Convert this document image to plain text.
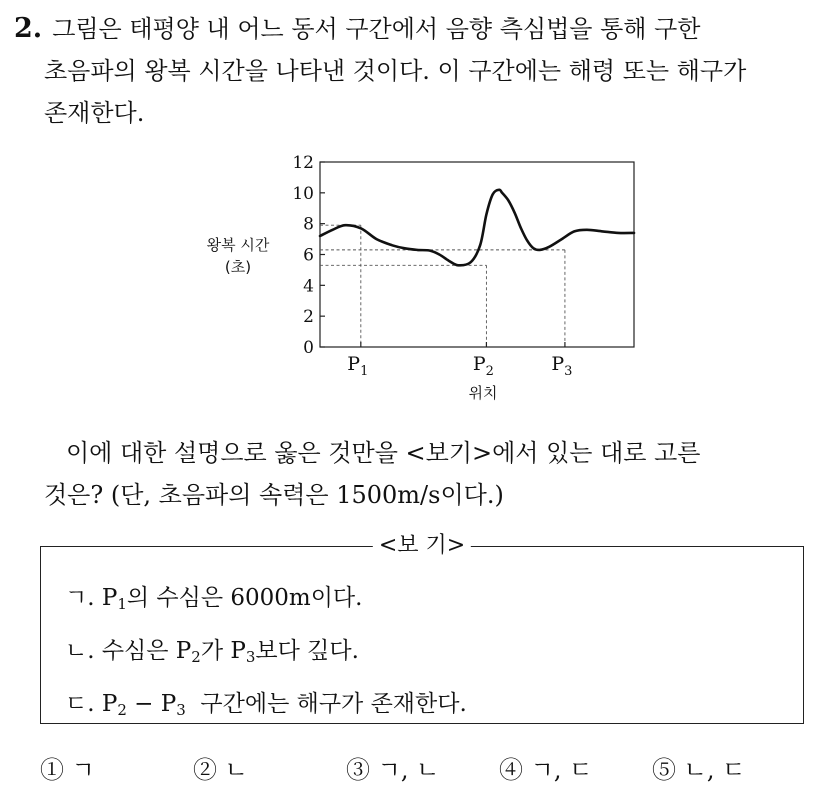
2. 그림은 태평양 내 어느 동서 구간에서 음향 측심법을 통해 구한
초음파의 왕복 시간을 나타낸 것이다. 이 구간에는 해령 또는 해구가
존재한다.
0
2
4
6
8
10
12
$P_1$	$P_2$	$P_3$
왕복 시간
(초)
위치
이에 대한 설명으로 옳은 것만을 <보기>에서 있는 대로 고른
것은? (단, 초음파의 속력은 1500m/s이다.)
<보 기>
ㄱ. $P_1$의 수심은 6000m이다.
ㄴ. 수심은 $P_2$가 $P_3$보다 깊다.
ㄷ. $P_2 - P_3$  구간에는 해구가 존재한다.
① ㄱ	② ㄴ	③ ㄱ, ㄴ ④ ㄱ, ㄷ ⑤ ㄴ, ㄷ
